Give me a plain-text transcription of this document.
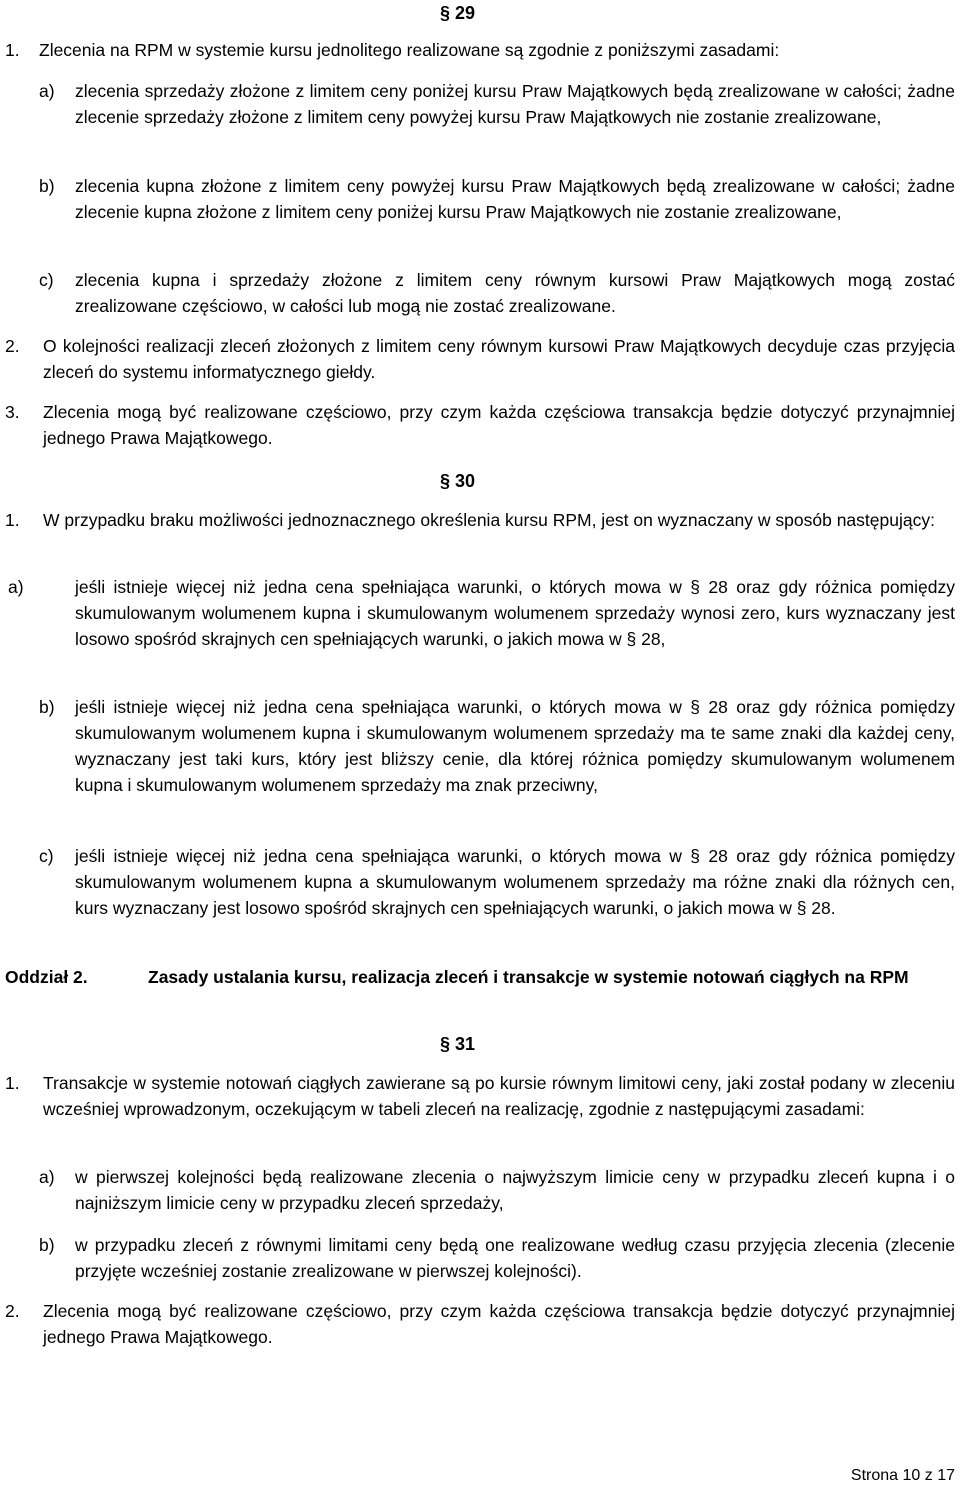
§ 29
1. Zlecenia na RPM w systemie kursu jednolitego realizowane są zgodnie z poniższymi zasadami:
a) zlecenia sprzedaży złożone z limitem ceny poniżej kursu Praw Majątkowych będą zrealizowane w całości; żadne zlecenie sprzedaży złożone z limitem ceny powyżej kursu Praw Majątkowych nie zostanie zrealizowane,
b) zlecenia kupna złożone z limitem ceny powyżej kursu Praw Majątkowych będą zrealizowane w całości; żadne zlecenie kupna złożone z limitem ceny poniżej kursu Praw Majątkowych nie zostanie zrealizowane,
c) zlecenia kupna i sprzedaży złożone z limitem ceny równym kursowi Praw Majątkowych mogą zostać zrealizowane częściowo, w całości lub mogą nie zostać zrealizowane.
2. O kolejności realizacji zleceń złożonych z limitem ceny równym kursowi Praw Majątkowych decyduje czas przyjęcia zleceń do systemu informatycznego giełdy.
3. Zlecenia mogą być realizowane częściowo, przy czym każda częściowa transakcja będzie dotyczyć przynajmniej jednego Prawa Majątkowego.
§ 30
1. W przypadku braku możliwości jednoznacznego określenia kursu RPM, jest on wyznaczany w sposób następujący:
a)	jeśli istnieje więcej niż jedna cena spełniająca warunki, o których mowa w § 28 oraz gdy różnica pomiędzy skumulowanym wolumenem kupna i skumulowanym wolumenem sprzedaży wynosi zero, kurs wyznaczany jest losowo spośród skrajnych cen spełniających warunki, o jakich mowa w § 28,
b) jeśli istnieje więcej niż jedna cena spełniająca warunki, o których mowa w § 28 oraz gdy różnica pomiędzy skumulowanym wolumenem kupna i skumulowanym wolumenem sprzedaży ma te same znaki dla każdej ceny, wyznaczany jest taki kurs, który jest bliższy cenie, dla której różnica pomiędzy skumulowanym wolumenem kupna i skumulowanym wolumenem sprzedaży ma znak przeciwny,
c) jeśli istnieje więcej niż jedna cena spełniająca warunki, o których mowa w § 28 oraz gdy różnica pomiędzy skumulowanym wolumenem kupna a skumulowanym wolumenem sprzedaży ma różne znaki dla różnych cen, kurs wyznaczany jest losowo spośród skrajnych cen spełniających warunki, o jakich mowa w § 28.
Oddział 2.	Zasady ustalania kursu, realizacja zleceń i transakcje w systemie notowań ciągłych na RPM
§ 31
1. Transakcje w systemie notowań ciągłych zawierane są po kursie równym limitowi ceny, jaki został podany w zleceniu wcześniej wprowadzonym, oczekującym w tabeli zleceń na realizację, zgodnie z następującymi zasadami:
a) w pierwszej kolejności będą realizowane zlecenia o najwyższym limicie ceny w przypadku zleceń kupna i o najniższym limicie ceny w przypadku zleceń sprzedaży,
b) w przypadku zleceń z równymi limitami ceny będą one realizowane według czasu przyjęcia zlecenia (zlecenie przyjęte wcześniej zostanie zrealizowane w pierwszej kolejności).
2. Zlecenia mogą być realizowane częściowo, przy czym każda częściowa transakcja będzie dotyczyć przynajmniej jednego Prawa Majątkowego.
Strona 10 z 17
